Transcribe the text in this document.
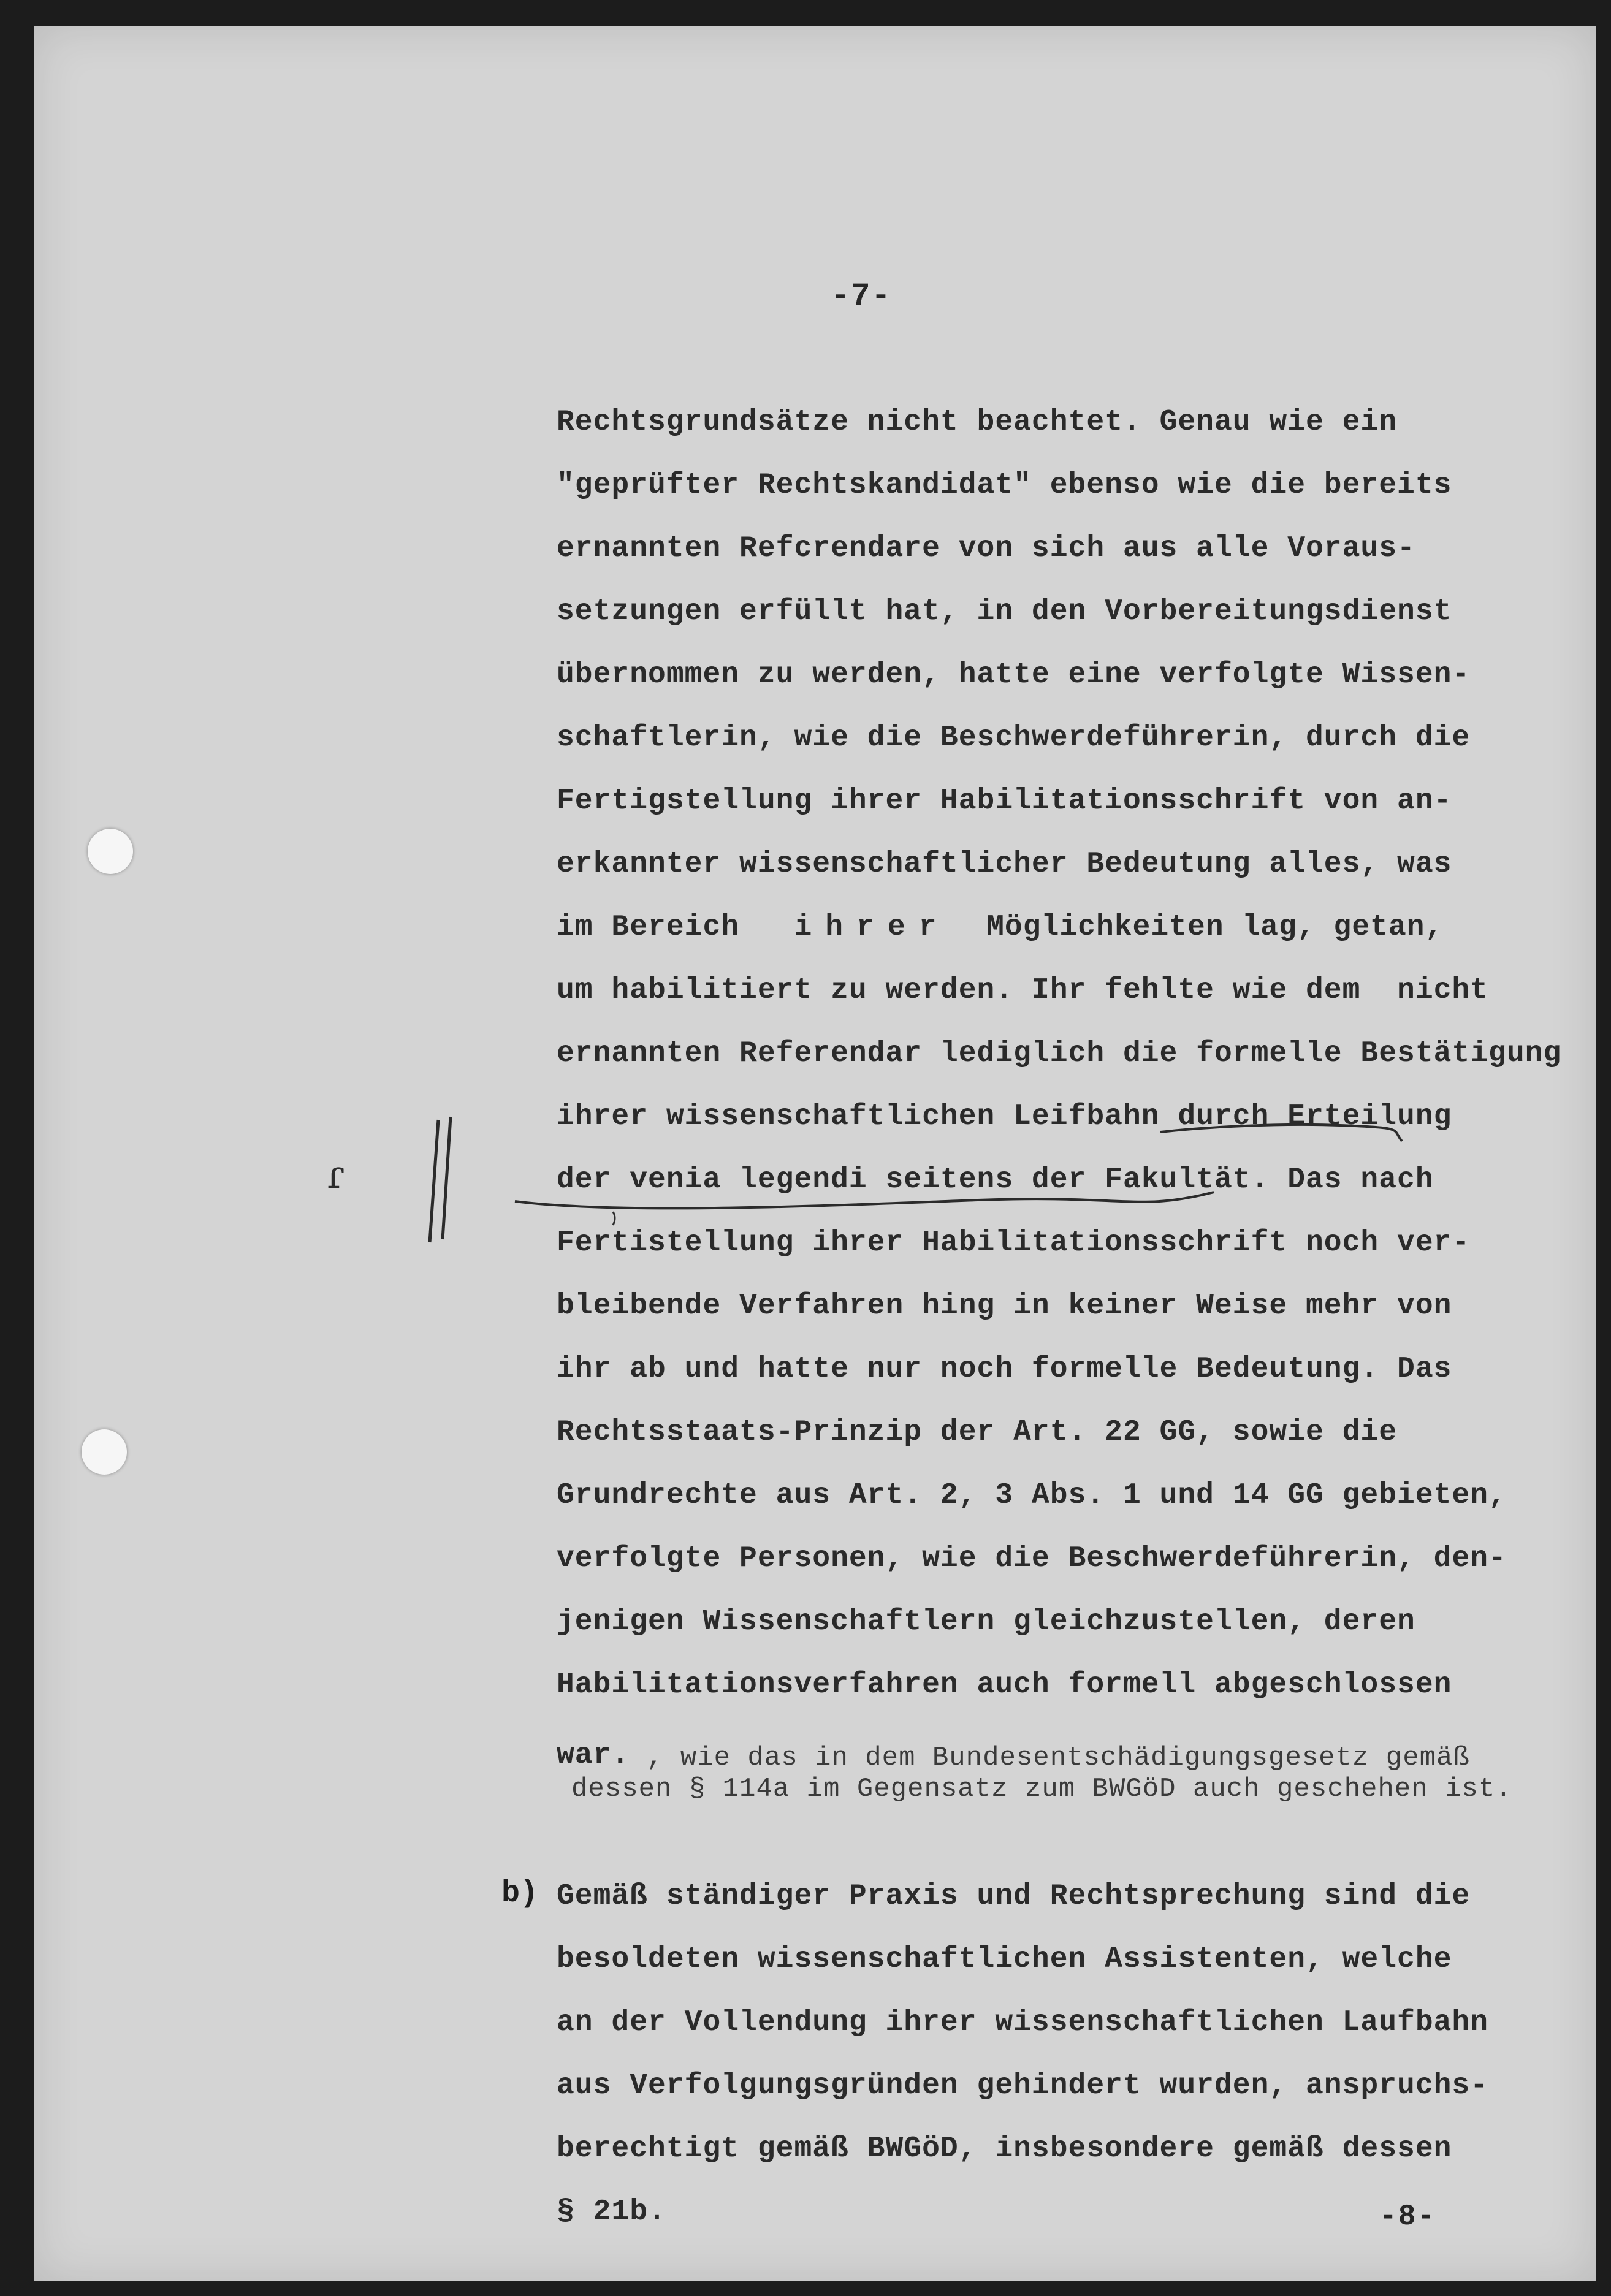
-7-
Rechtsgrundsätze nicht beachtet. Genau wie ein
"geprüfter Rechtskandidat" ebenso wie die bereits
ernannten Refcrendare von sich aus alle Voraus-
setzungen erfüllt hat, in den Vorbereitungsdienst
übernommen zu werden, hatte eine verfolgte Wissen-
schaftlerin, wie die Beschwerdeführerin, durch die
Fertigstellung ihrer Habilitationsschrift von an-
erkannter wissenschaftlicher Bedeutung alles, was
im Bereich ihrer Möglichkeiten lag, getan,
um habilitiert zu werden. Ihr fehlte wie dem  nicht
ernannten Referendar lediglich die formelle Bestätigung
ihrer wissenschaftlichen Leifbahn durch Erteilung
der venia legendi seitens der Fakultät. Das nach
Fertistellung ihrer Habilitationsschrift noch ver-
bleibende Verfahren hing in keiner Weise mehr von
ihr ab und hatte nur noch formelle Bedeutung. Das
Rechtsstaats-Prinzip der Art. 22 GG, sowie die
Grundrechte aus Art. 2, 3 Abs. 1 und 14 GG gebieten,
verfolgte Personen, wie die Beschwerdeführerin, den-
jenigen Wissenschaftlern gleichzustellen, deren
Habilitationsverfahren auch formell abgeschlossen
war. , wie das in dem Bundesentschädigungsgesetz gemäß
dessen § 114a im Gegensatz zum BWGöD auch geschehen ist.
b) Gemäß ständiger Praxis und Rechtsprechung sind die
besoldeten wissenschaftlichen Assistenten, welche
an der Vollendung ihrer wissenschaftlichen Laufbahn
aus Verfolgungsgründen gehindert wurden, anspruchs-
berechtigt gemäß BWGöD, insbesondere gemäß dessen
§ 21b.	-8-
ɾ
